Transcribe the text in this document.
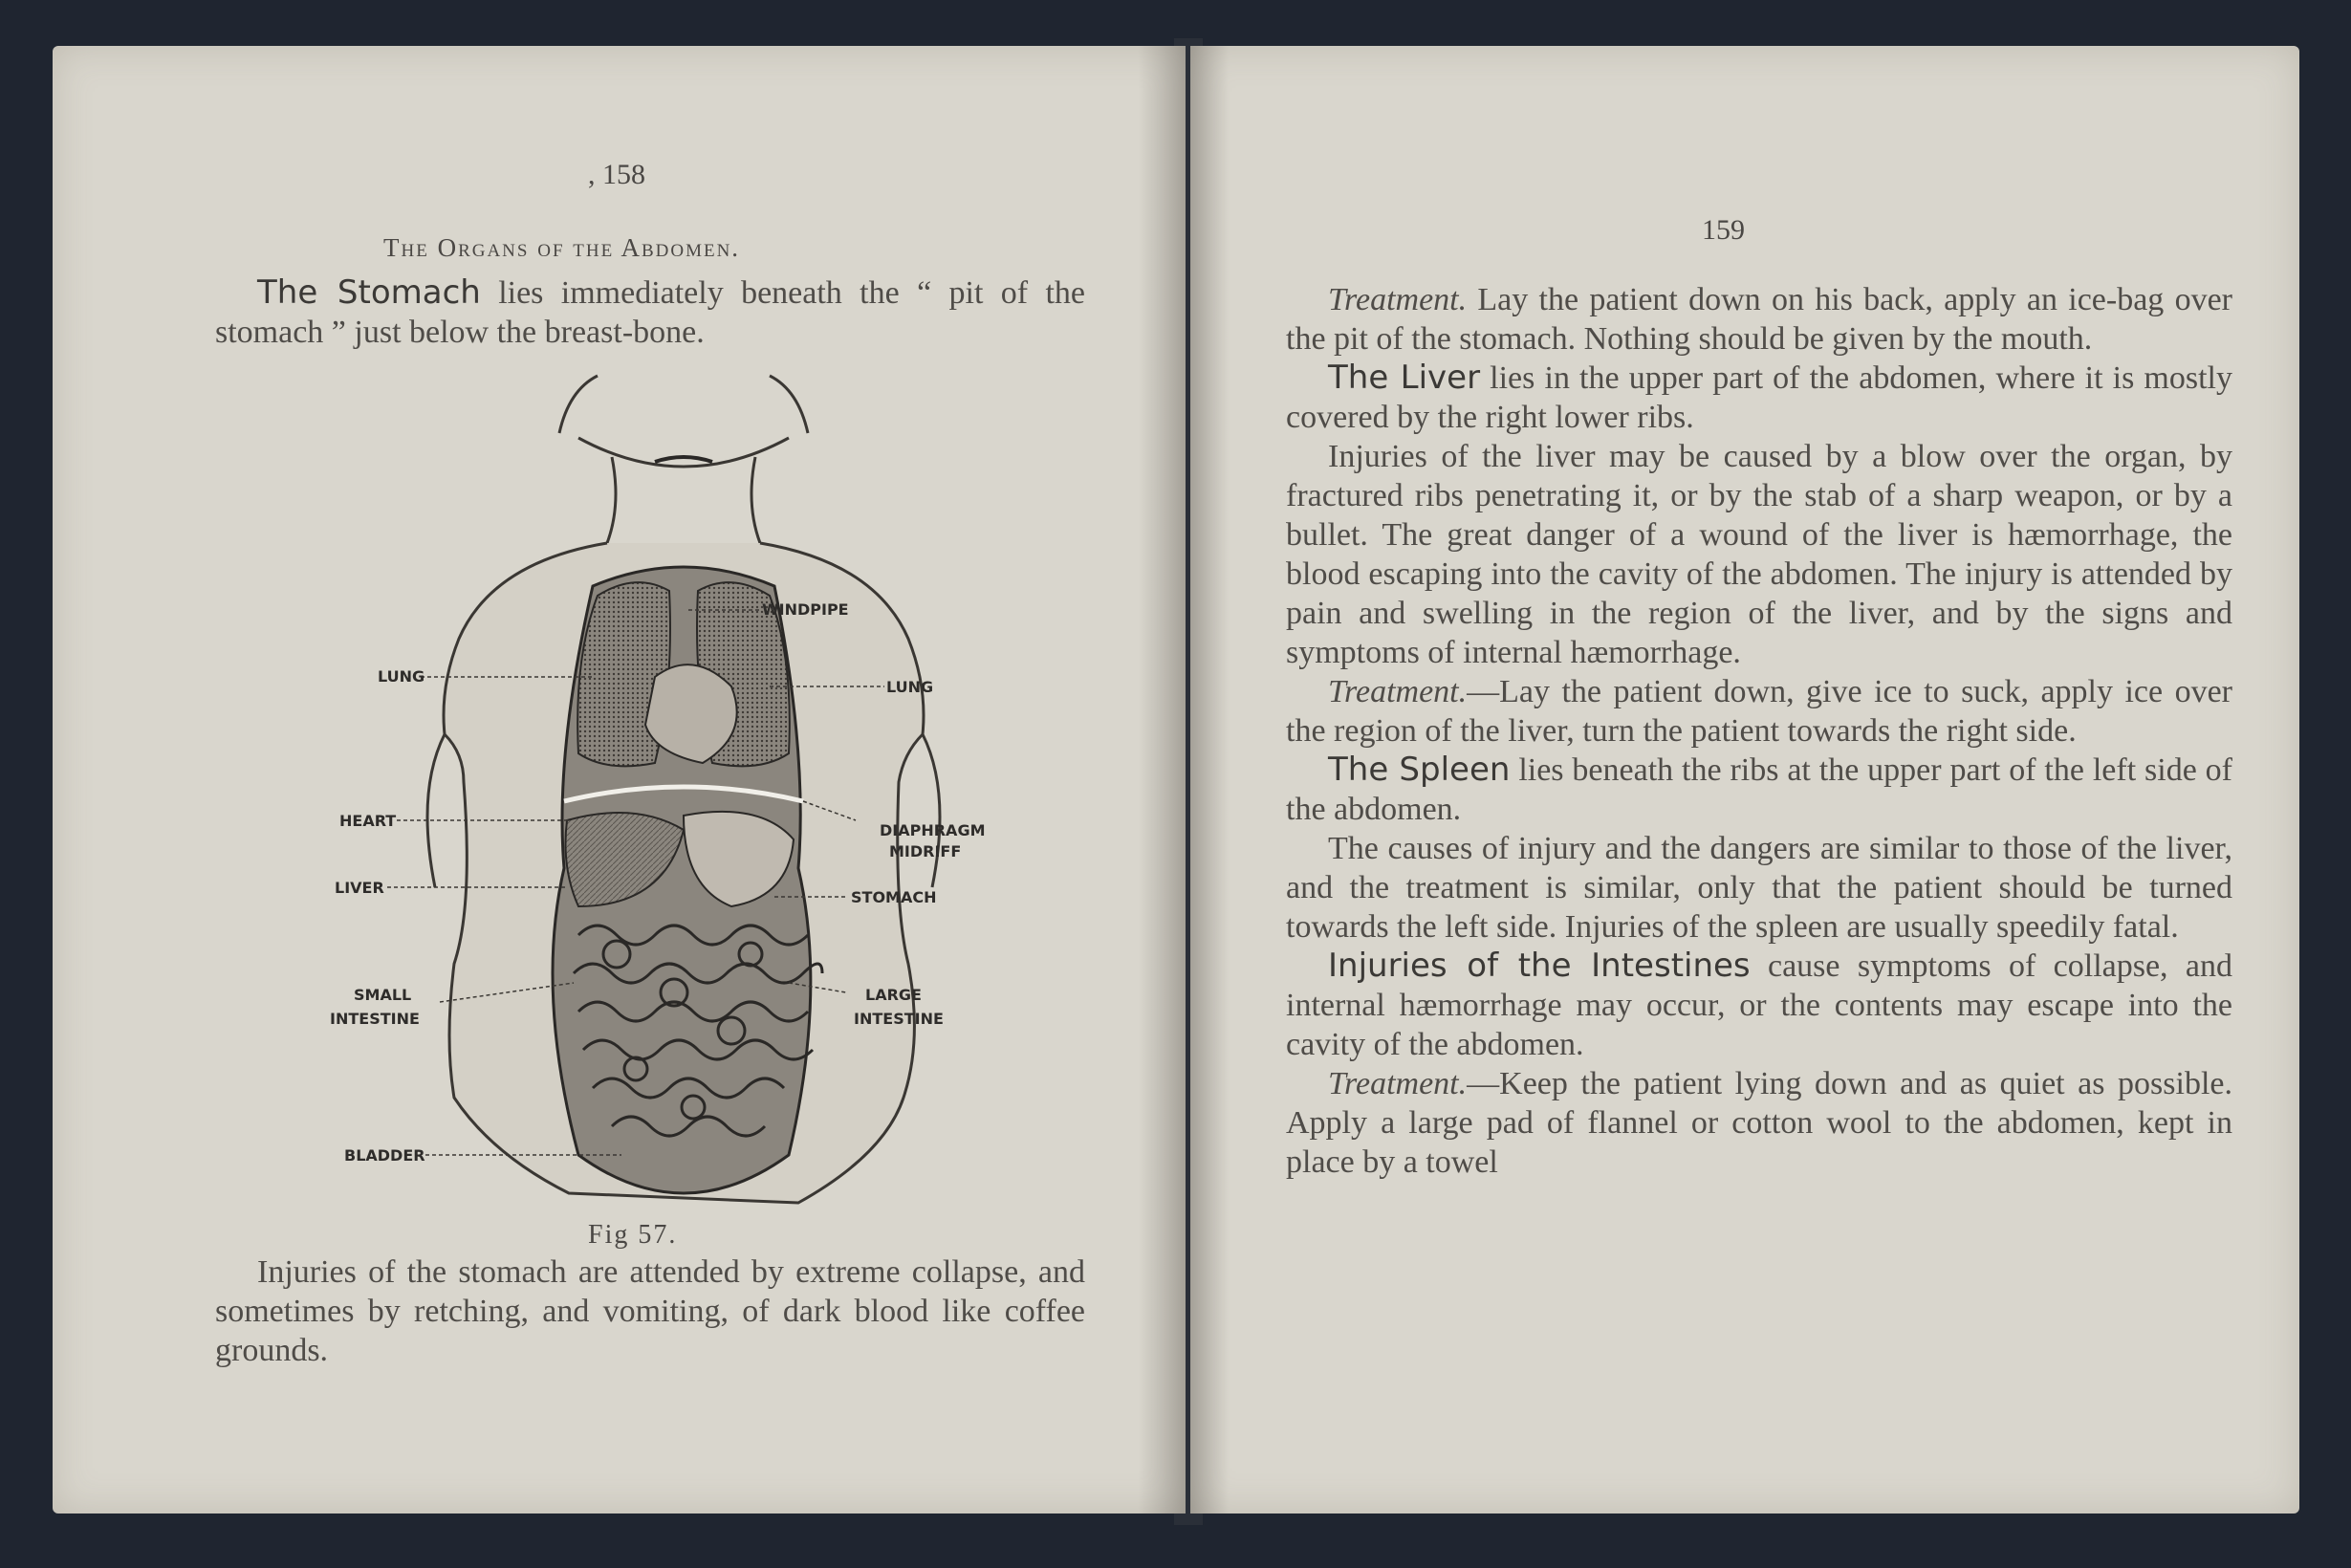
, 158
The Organs of the Abdomen.

The Stomach lies immediately beneath the “ pit of the stomach ” just below the breast-bone.

LUNG
WINDPIPE
LUNG
HEART
DIAPHRAGM
MIDRIFF
LIVER
STOMACH
SMALL
INTESTINE
LARGE
INTESTINE
BLADDER
Fig 57.

Injuries of the stomach are attended by extreme collapse, and sometimes by retching, and vomiting, of dark blood like coffee grounds.

159

Treatment. Lay the patient down on his back, apply an ice-bag over the pit of the stomach. Nothing should be given by the mouth.

The Liver lies in the upper part of the abdomen, where it is mostly covered by the right lower ribs.

Injuries of the liver may be caused by a blow over the organ, by fractured ribs penetrating it, or by the stab of a sharp weapon, or by a bullet. The great danger of a wound of the liver is hæmorrhage, the blood escaping into the cavity of the abdomen. The injury is attended by pain and swelling in the region of the liver, and by the signs and symptoms of internal hæmorrhage.

Treatment.—Lay the patient down, give ice to suck, apply ice over the region of the liver, turn the patient towards the right side.

The Spleen lies beneath the ribs at the upper part of the left side of the abdomen.

The causes of injury and the dangers are similar to those of the liver, and the treatment is similar, only that the patient should be turned towards the left side. Injuries of the spleen are usually speedily fatal.

Injuries of the Intestines cause symptoms of collapse, and internal hæmorrhage may occur, or the contents may escape into the cavity of the abdomen.

Treatment.—Keep the patient lying down and as quiet as possible. Apply a large pad of flannel or cotton wool to the abdomen, kept in place by a towel
